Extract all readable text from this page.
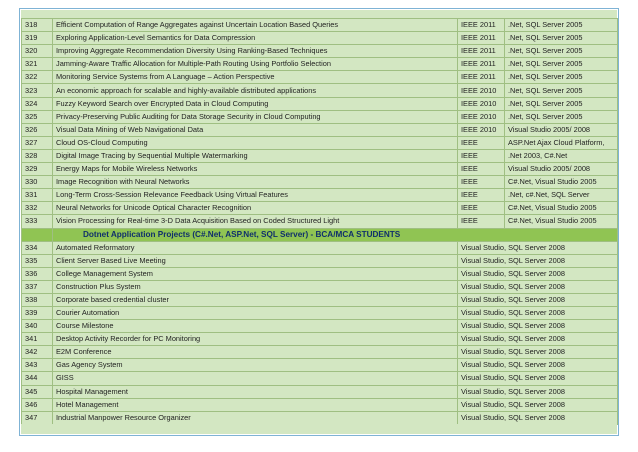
318	Efficient Computation of Range Aggregates against Uncertain Location Based Queries	IEEE 2011	.Net, SQL Server 2005
319	Exploring Application-Level Semantics for Data Compression	IEEE 2011	.Net, SQL Server 2005
320	Improving Aggregate Recommendation Diversity Using Ranking-Based Techniques	IEEE 2011	.Net, SQL Server 2005
321	Jamming-Aware Traffic Allocation for Multiple-Path Routing Using Portfolio Selection	IEEE 2011	.Net, SQL Server 2005
322	Monitoring Service Systems from A Language – Action Perspective	IEEE 2011	.Net, SQL Server 2005
323	An economic approach for scalable and highly-available distributed applications	IEEE 2010	.Net, SQL Server 2005
324	Fuzzy Keyword Search over Encrypted Data in Cloud Computing	IEEE 2010	.Net, SQL Server 2005
325	Privacy-Preserving Public Auditing for Data Storage Security in Cloud Computing	IEEE 2010	.Net, SQL Server 2005
326	Visual Data Mining of Web Navigational Data	IEEE 2010	Visual Studio 2005/ 2008
327	Cloud OS-Cloud Computing	IEEE	ASP.Net Ajax Cloud Platform,
328	Digital Image Tracing by Sequential Multiple Watermarking	IEEE	.Net 2003, C#.Net
329	Energy Maps for Mobile Wireless Networks	IEEE	Visual Studio 2005/ 2008
330	Image Recognition with Neural Networks	IEEE	C#.Net, Visual Studio 2005
331	Long-Term Cross-Session Relevance Feedback Using Virtual Features	IEEE	.Net, c#.Net, SQL Server
332	Neural Networks for Unicode Optical Character Recognition	IEEE	C#.Net, Visual Studio 2005
333	Vision Processing for Real-time 3-D Data Acquisition Based on Coded Structured Light	IEEE	C#.Net, Visual Studio 2005
	Dotnet Application Projects (C#.Net, ASP.Net, SQL Server) - BCA/MCA STUDENTS		
334	Automated Reformatory	Visual Studio, SQL Server 2008	
335	Client Server Based Live Meeting	Visual Studio, SQL Server 2008	
336	College Management System	Visual Studio, SQL Server 2008	
337	Construction Plus System	Visual Studio, SQL Server 2008	
338	Corporate based credential cluster	Visual Studio, SQL Server 2008	
339	Courier Automation	Visual Studio, SQL Server 2008	
340	Course Milestone	Visual Studio, SQL Server 2008	
341	Desktop Activity Recorder for PC Monitoring	Visual Studio, SQL Server 2008	
342	E2M Conference	Visual Studio, SQL Server 2008	
343	Gas Agency System	Visual Studio, SQL Server 2008	
344	GISS	Visual Studio, SQL Server 2008	
345	Hospital Management	Visual Studio, SQL Server 2008	
346	Hotel Management	Visual Studio, SQL Server 2008	
347	Industrial Manpower Resource Organizer	Visual Studio, SQL Server 2008	
